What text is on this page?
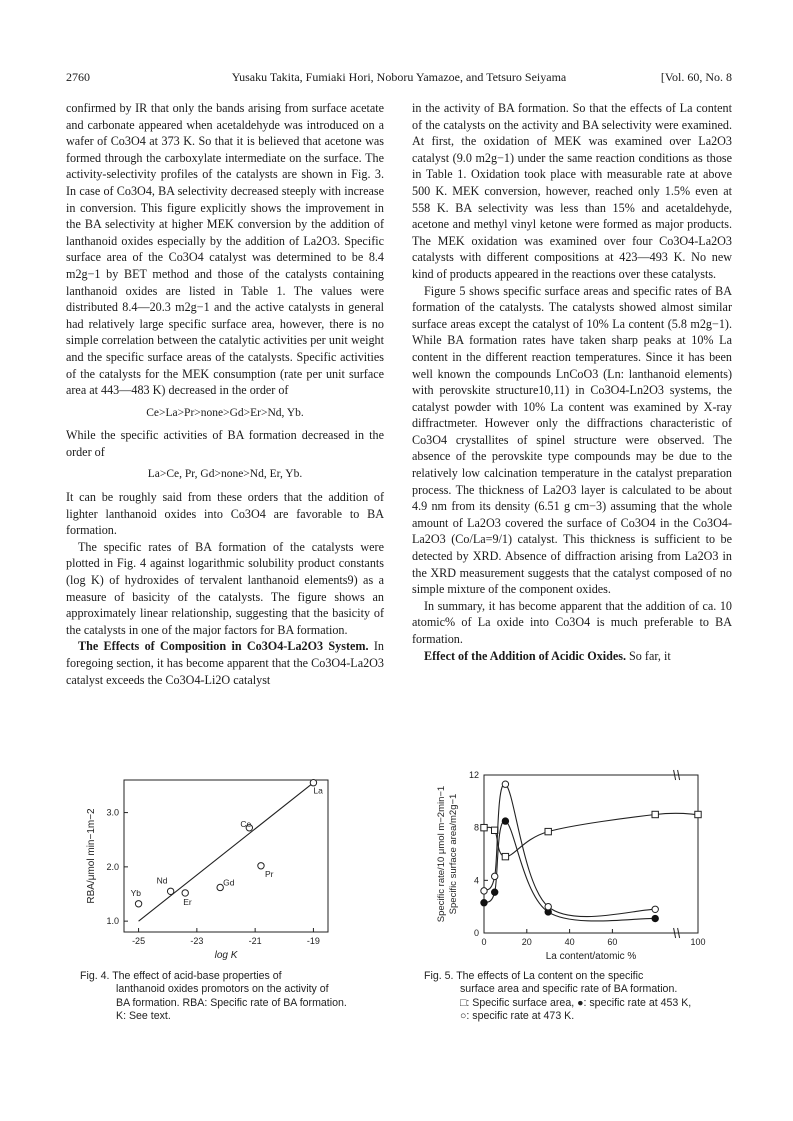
2760	Yusaku Takita, Fumiaki Hori, Noboru Yamazoe, and Tetsuro Seiyama	[Vol. 60, No. 8

confirmed by IR that only the bands arising from surface acetate and carbonate appeared when acetaldehyde was introduced on a wafer of Co3O4 at 373 K. So that it is believed that acetone was formed through the carboxylate intermediate on the surface. The activity-selectivity profiles of the catalysts are shown in Fig. 3. In case of Co3O4, BA selectivity decreased steeply with increase in conversion. This figure explicitly shows the improvement in the BA selectivity at higher MEK conversion by the addition of lanthanoid oxides especially by the addition of La2O3. Specific surface area of the Co3O4 catalyst was determined to be 8.4 m2g−1 by BET method and those of the catalysts containing lanthanoid oxides are listed in Table 1. The values were distributed 8.4—20.3 m2g−1 and the active catalysts in general had relatively large specific surface area, however, there is no simple correlation between the catalytic activities per unit weight and the specific surface areas of the catalysts. Specific activities of the catalysts for the MEK consumption (rate per unit surface area at 443—483 K) decreased in the order of

Ce>La>Pr>none>Gd>Er>Nd, Yb.

While the specific activities of BA formation decreased in the order of

La>Ce, Pr, Gd>none>Nd, Er, Yb.

It can be roughly said from these orders that the addition of lighter lanthanoid oxides into Co3O4 are favorable to BA formation.

The specific rates of BA formation of the catalysts were plotted in Fig. 4 against logarithmic solubility product constants (log K) of hydroxides of tervalent lanthanoid elements9) as a measure of basicity of the catalysts. The figure shows an approximately linear relationship, suggesting that the basicity of the catalysts in one of the major factors for BA formation.

The Effects of Composition in Co3O4-La2O3 System. In foregoing section, it has become apparent that the Co3O4-La2O3 catalyst exceeds the Co3O4-Li2O catalyst

in the activity of BA formation. So that the effects of La content of the catalysts on the activity and BA selectivity were examined. At first, the oxidation of MEK was examined over La2O3 catalyst (9.0 m2g−1) under the same reaction conditions as those in Table 1. Oxidation took place with measurable rate at above 500 K. MEK conversion, however, reached only 1.5% even at 558 K. BA selectivity was less than 15% and acetaldehyde, acetone and methyl vinyl ketone were formed as major products. The MEK oxidation was examined over four Co3O4-La2O3 catalysts with different compositions at 423—493 K. No new kind of products appeared in the reactions over these catalysts.

Figure 5 shows specific surface areas and specific rates of BA formation of the catalysts. The catalysts showed almost similar surface areas except the catalyst of 10% La content (5.8 m2g−1). While BA formation rates have taken sharp peaks at 10% La content in the different reaction temperatures. Since it has been well known the compounds LnCoO3 (Ln: lanthanoid elements) with perovskite structure10,11) in Co3O4-Ln2O3 systems, the catalyst powder with 10% La content was examined by X-ray diffractmeter. However only the diffractions characteristic of Co3O4 crystallites of spinel structure were observed. The absence of the perovskite type compounds may be due to the relatively low calcination temperature in the catalyst preparation process. The thickness of La2O3 layer is calculated to be about 4.9 nm from its density (6.51 g cm−3) assuming that the whole amount of La2O3 covered the surface of Co3O4 in the Co3O4-La2O3 (Co/La=9/1) catalyst. This thickness is sufficient to be detected by XRD. Absence of diffraction arising from La2O3 in the XRD measurement suggests that the catalyst composed of no simple mixture of the component oxides.

In summary, it has become apparent that the addition of ca. 10 atomic% of La oxide into Co3O4 is much preferable to BA formation.

Effect of the Addition of Acidic Oxides. So far, it

-25	-23	-21	-19
1.0
2.0
3.0
log K
RBA/μmol min−1m−2
La
Ce
Pr
Gd
Nd
Er
Yb
Fig. 4. The effect of acid-base properties of
lanthanoid oxides promotors on the activity of
BA formation. RBA: Specific rate of BA formation.
K: See text.
0	20	40	60	100
0
4
8
12
La content/atomic %
Specific rate/10 μmol m−2min−1 Specific surface area/m2g−1
Fig. 5. The effects of La content on the specific
surface area and specific rate of BA formation.
□: Specific surface area, ●: specific rate at 453 K,
○: specific rate at 473 K.
